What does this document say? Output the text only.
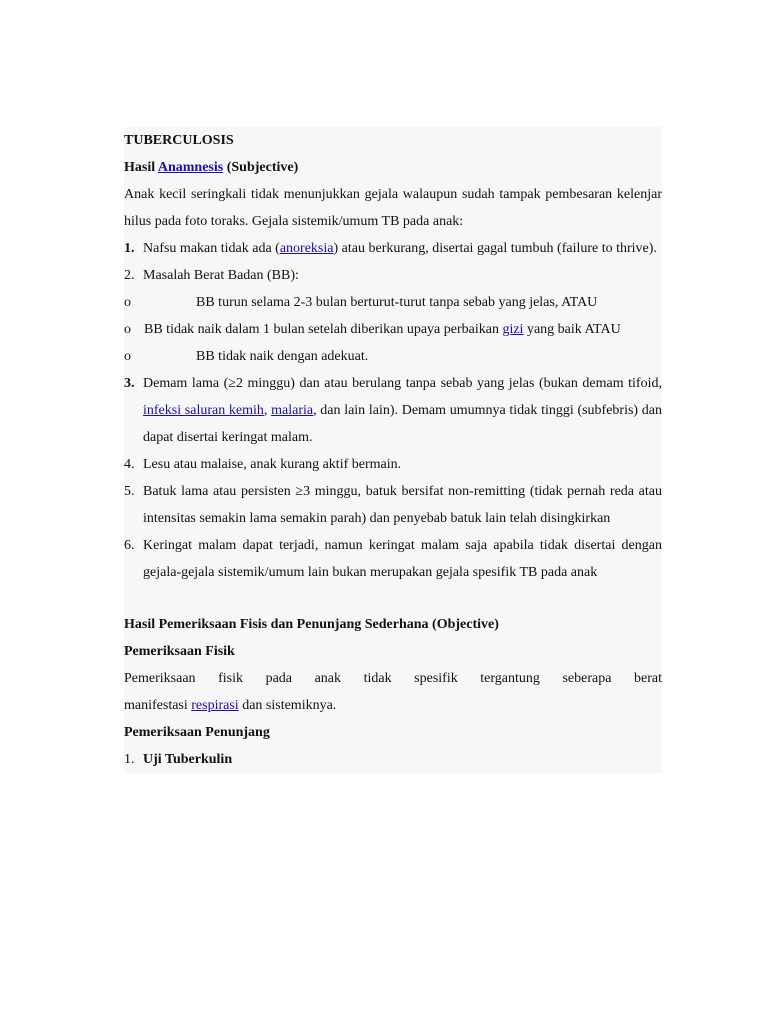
TUBERCULOSIS

Hasil Anamnesis (Subjective)

Anak kecil seringkali tidak menunjukkan gejala walaupun sudah tampak pembesaran kelenjar hilus pada foto toraks. Gejala sistemik/umum TB pada anak:

1. Nafsu makan tidak ada (anoreksia) atau berkurang, disertai gagal tumbuh (failure to thrive).
2. Masalah Berat Badan (BB):
o	BB turun selama 2-3 bulan berturut-turut tanpa sebab yang jelas, ATAU
o BB tidak naik dalam 1 bulan setelah diberikan upaya perbaikan gizi yang baik ATAU
o	BB tidak naik dengan adekuat.
3. Demam lama (≥2 minggu) dan atau berulang tanpa sebab yang jelas (bukan demam tifoid, infeksi saluran kemih, malaria, dan lain lain). Demam umumnya tidak tinggi (subfebris) dan dapat disertai keringat malam.
4. Lesu atau malaise, anak kurang aktif bermain.
5. Batuk lama atau persisten ≥3 minggu, batuk bersifat non-remitting (tidak pernah reda atau intensitas semakin lama semakin parah) dan penyebab batuk lain telah disingkirkan
6. Keringat malam dapat terjadi, namun keringat malam saja apabila tidak disertai dengan gejala-gejala sistemik/umum lain bukan merupakan gejala spesifik TB pada anak

Hasil Pemeriksaan Fisis dan Penunjang Sederhana (Objective)

Pemeriksaan Fisik

Pemeriksaan fisik pada anak tidak spesifik tergantung seberapa berat

manifestasi respirasi dan sistemiknya.

Pemeriksaan Penunjang

1. Uji Tuberkulin
